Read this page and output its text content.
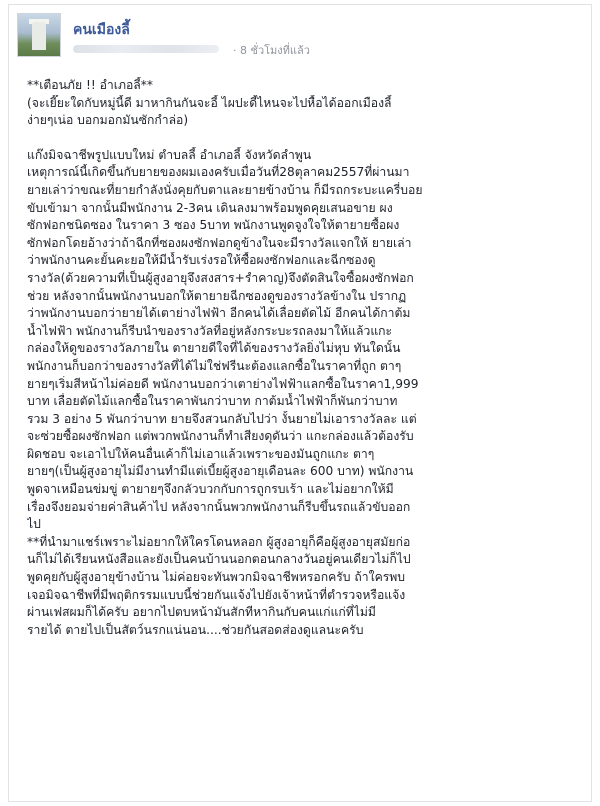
คนเมืองลี้
· 8 ชั่วโมงที่แล้ว

**เตือนภัย !! อำเภอลี้**

(จะเยี๊ยะใดกับหมู่นี้ดี มาหากินกันจะอี้ ไผปะดี้ไหนจะไปหื้อได้ออกเมืองลี้
ง่ายๆเน่อ บอกมอกมันซักกำล่อ)

แก๊งมิจฉาชีพรูปแบบใหม่ ตำบลลี้ อำเภอลี้ จังหวัดลำพูน
เหตุการณ์นี้เกิดขึ้นกับยายของผมเองครับเมื่อวันที่28ตุลาคม2557ที่ผ่านมา
ยายเล่าว่าขณะที่ยายกำลังนั่งคุยกับตาและยายข้างบ้าน ก็มีรถกระบะแครี่บอย
ขับเข้ามา จากนั้นมีพนักงาน 2-3คน เดินลงมาพร้อมพูดคุยเสนอขาย ผง
ซักฟอกชนิดซอง ในราคา 3 ซอง 5บาท พนักงานพูดจูงใจให้ตายายซื้อผง
ซักฟอกโดยอ้างว่าถ้าฉีกที่ซองผงซักฟอกดูข้างในจะมีรางวัลแจกให้ ยายเล่า
ว่าพนักงานคะยั้นคะยอให้มีน้ำรับเร่งรอให้ซื้อผงซักฟอกและฉีกซองดู
รางวัล(ด้วยความที่เป็นผู้สูงอายุจึงสงสาร+รำคาญ)จึงตัดสินใจซื้อผงซักฟอก
ช่วย หลังจากนั้นพนักงานบอกให้ตายายฉีกซองดูของรางวัลข้างใน ปรากฏ
ว่าพนักงานบอกว่ายายได้เตาย่างไฟฟ้า อีกคนได้เลื่อยตัดไม้ อีกคนได้กาต้ม
น้ำไฟฟ้า พนักงานก็รีบนำของรางวัลที่อยู่หลังกระบะรถลงมาให้แล้วแกะ
กล่องให้ดูของรางวัลภายใน ตายายดีใจที่ได้ของรางวัลยิ่งไม่หุบ ทันใดนั้น
พนักงานก็บอกว่าของรางวัลที่ได้ไม่ใช่ฟรีนะต้องแลกซื้อในราคาที่ถูก ตาๆ
ยายๆเริ่มสีหน้าไม่ค่อยดี พนักงานบอกว่าเตาย่างไฟฟ้าแลกซื้อในราคา1,999
บาท เลื่อยตัดไม้แลกซื้อในราคาพันกว่าบาท กาต้มน้ำไฟฟ้าก็พันกว่าบาท
รวม 3 อย่าง 5 พันกว่าบาท ยายจึงสวนกลับไปว่า งั้นยายไม่เอารางวัลละ แต่
จะซ่วยซื้อผงซักฟอก แต่พวกพนักงานก็ทำเสียงดุดันว่า แกะกล่องแล้วต้องรับ
ผิดชอบ จะเอาไปให้คนอื่นเค้าก็ไม่เอาแล้วเพราะของมันถูกแกะ ตาๆ
ยายๆ(เป็นผู้สูงอายุไม่มีงานทำมีแต่เบี้ยผู้สูงอายุเดือนละ 600 บาท) พนักงาน
พูดจาเหมือนข่มขู่ ตายายๆจึงกลัวบวกกับการถูกรบเร้า และไม่อยากให้มี
เรื่องจึงยอมจ่ายค่าสินค้าไป หลังจากนั้นพวกพนักงานก็รีบขึ้นรถแล้วขับออก
ไป

**ที่นำมาแชร์เพราะไม่อยากให้ใครโดนหลอก ผู้สูงอายุก็คือผู้สูงอายุสมัยก่อ
นก็ไม่ได้เรียนหนังสือและยังเป็นคนบ้านนอกตอนกลางวันอยู่คนเดียวไม่ก็ไป
พูดคุยกับผู้สูงอายุข้างบ้าน ไม่ค่อยจะทันพวกมิจฉาชีพหรอกครับ ถ้าใครพบ
เจอมิจฉาชีพที่มีพฤติกรรมแบบนี้ช่วยกันแจ้งไปยังเจ้าหน้าที่ตำรวจหรือแจ้ง
ผ่านเฟสผมก็ได้ครับ อยากไปตบหน้ามันสักทีหากินกับคนแก่แก่ที่ไม่มี
รายได้ ตายไปเป็นสัตว์นรกแน่นอน....ช่วยกันสอดส่องดูแลนะครับ
